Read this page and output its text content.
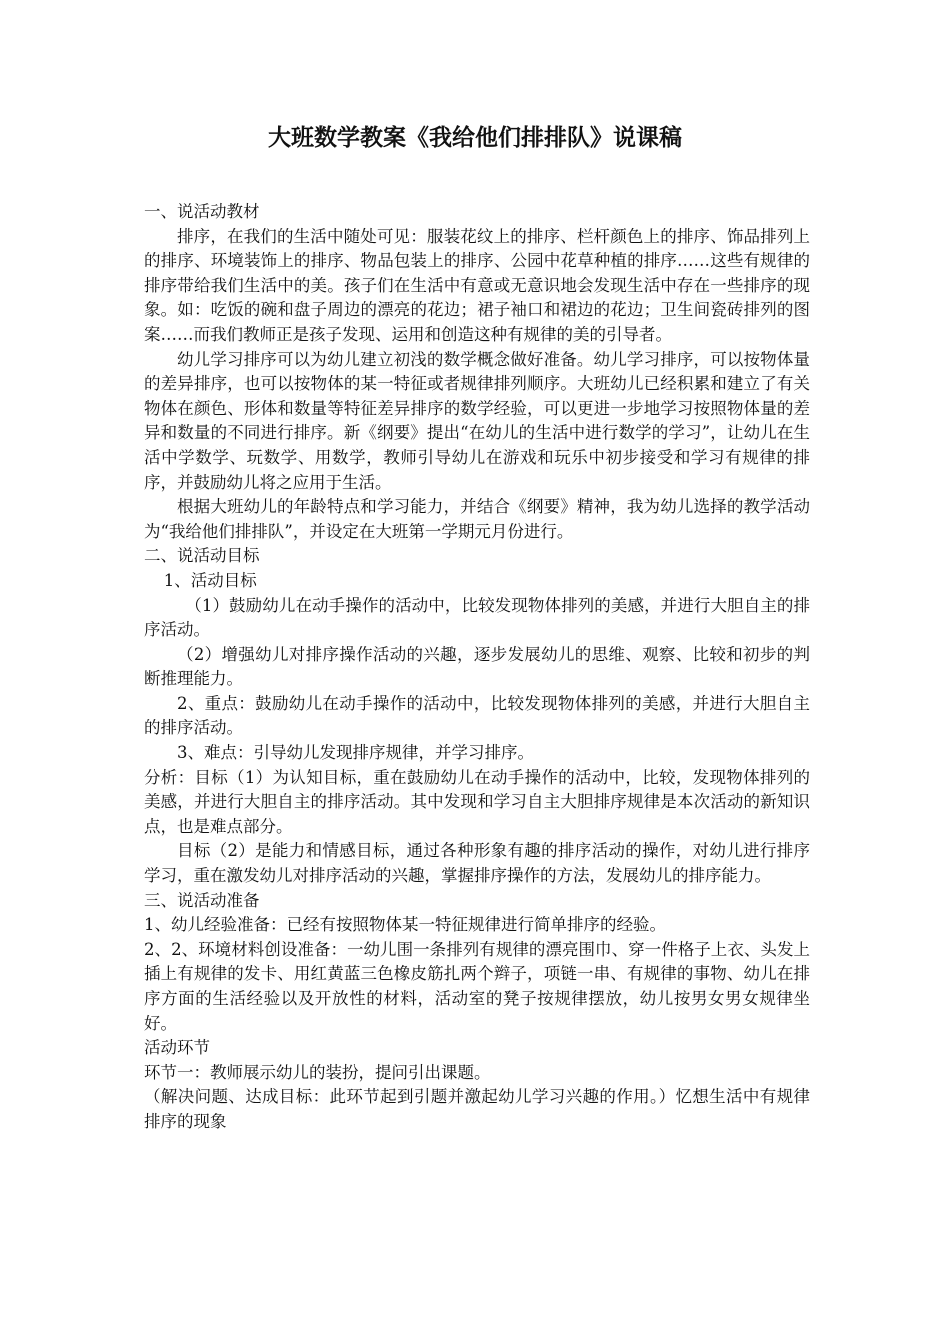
大班数学教案《我给他们排排队》说课稿

一、说活动教材

排序，在我们的生活中随处可见：服装花纹上的排序、栏杆颜色上的排序、饰品排列上的排序、环境装饰上的排序、物品包装上的排序、公园中花草种植的排序……这些有规律的排序带给我们生活中的美。孩子们在生活中有意或无意识地会发现生活中存在一些排序的现象。如：吃饭的碗和盘子周边的漂亮的花边；裙子袖口和裙边的花边；卫生间瓷砖排列的图案……而我们教师正是孩子发现、运用和创造这种有规律的美的引导者。

幼儿学习排序可以为幼儿建立初浅的数学概念做好准备。幼儿学习排序，可以按物体量的差异排序，也可以按物体的某一特征或者规律排列顺序。大班幼儿已经积累和建立了有关物体在颜色、形体和数量等特征差异排序的数学经验，可以更进一步地学习按照物体量的差异和数量的不同进行排序。新《纲要》提出“在幼儿的生活中进行数学的学习”，让幼儿在生活中学数学、玩数学、用数学，教师引导幼儿在游戏和玩乐中初步接受和学习有规律的排序，并鼓励幼儿将之应用于生活。

根据大班幼儿的年龄特点和学习能力，并结合《纲要》精神，我为幼儿选择的教学活动为“我给他们排排队”，并设定在大班第一学期元月份进行。

二、说活动目标

1、活动目标

（1）鼓励幼儿在动手操作的活动中，比较发现物体排列的美感，并进行大胆自主的排序活动。

（2）增强幼儿对排序操作活动的兴趣，逐步发展幼儿的思维、观察、比较和初步的判断推理能力。

2、重点：鼓励幼儿在动手操作的活动中，比较发现物体排列的美感，并进行大胆自主的排序活动。

3、难点：引导幼儿发现排序规律，并学习排序。

分析：目标（1）为认知目标，重在鼓励幼儿在动手操作的活动中，比较，发现物体排列的美感，并进行大胆自主的排序活动。其中发现和学习自主大胆排序规律是本次活动的新知识点，也是难点部分。

目标（2）是能力和情感目标，通过各种形象有趣的排序活动的操作，对幼儿进行排序学习，重在激发幼儿对排序活动的兴趣，掌握排序操作的方法，发展幼儿的排序能力。

三、说活动准备

1、幼儿经验准备：已经有按照物体某一特征规律进行简单排序的经验。

2、2、环境材料创设准备：一幼儿围一条排列有规律的漂亮围巾、穿一件格子上衣、头发上插上有规律的发卡、用红黄蓝三色橡皮筋扎两个辫子，项链一串、有规律的事物、幼儿在排序方面的生活经验以及开放性的材料，活动室的凳子按规律摆放，幼儿按男女男女规律坐好。

活动环节

环节一：教师展示幼儿的装扮，提问引出课题。

（解决问题、达成目标：此环节起到引题并激起幼儿学习兴趣的作用。）忆想生活中有规律排序的现象
